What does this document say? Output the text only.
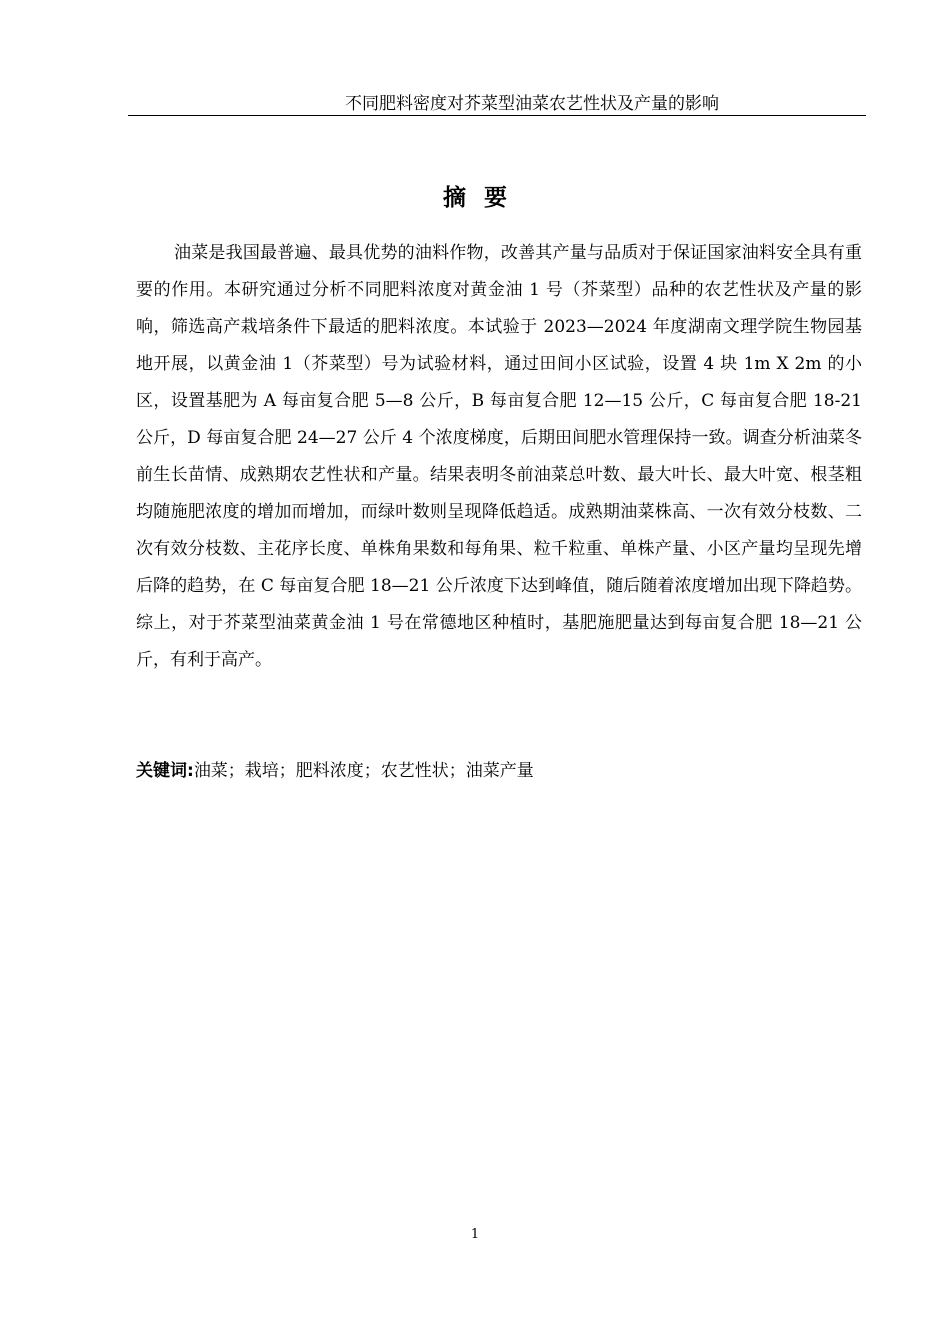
不同肥料密度对芥菜型油菜农艺性状及产量的影响
摘要

油菜是我国最普遍、最具优势的油料作物，改善其产量与品质对于保证国家油料安全具有重要的作用。本研究通过分析不同肥料浓度对黄金油 1 号（芥菜型）品种的农艺性状及产量的影响，筛选高产栽培条件下最适的肥料浓度。本试验于 2023—2024 年度湖南文理学院生物园基地开展，以黄金油 1（芥菜型）号为试验材料，通过田间小区试验，设置 4 块 1m X 2m 的小区，设置基肥为 A 每亩复合肥 5—8 公斤，B 每亩复合肥 12—15 公斤，C 每亩复合肥 18-21 公斤，D 每亩复合肥 24—27 公斤 4 个浓度梯度，后期田间肥水管理保持一致。调查分析油菜冬前生长苗情、成熟期农艺性状和产量。结果表明冬前油菜总叶数、最大叶长、最大叶宽、根茎粗均随施肥浓度的增加而增加，而绿叶数则呈现降低趋适。成熟期油菜株高、一次有效分枝数、二次有效分枝数、主花序长度、单株角果数和每角果、粒千粒重、单株产量、小区产量均呈现先增后降的趋势，在 C 每亩复合肥 18—21 公斤浓度下达到峰值，随后随着浓度增加出现下降趋势。综上，对于芥菜型油菜黄金油 1 号在常德地区种植时，基肥施肥量达到每亩复合肥 18—21 公斤，有利于高产。

关键词:油菜；栽培；肥料浓度；农艺性状；油菜产量
1
